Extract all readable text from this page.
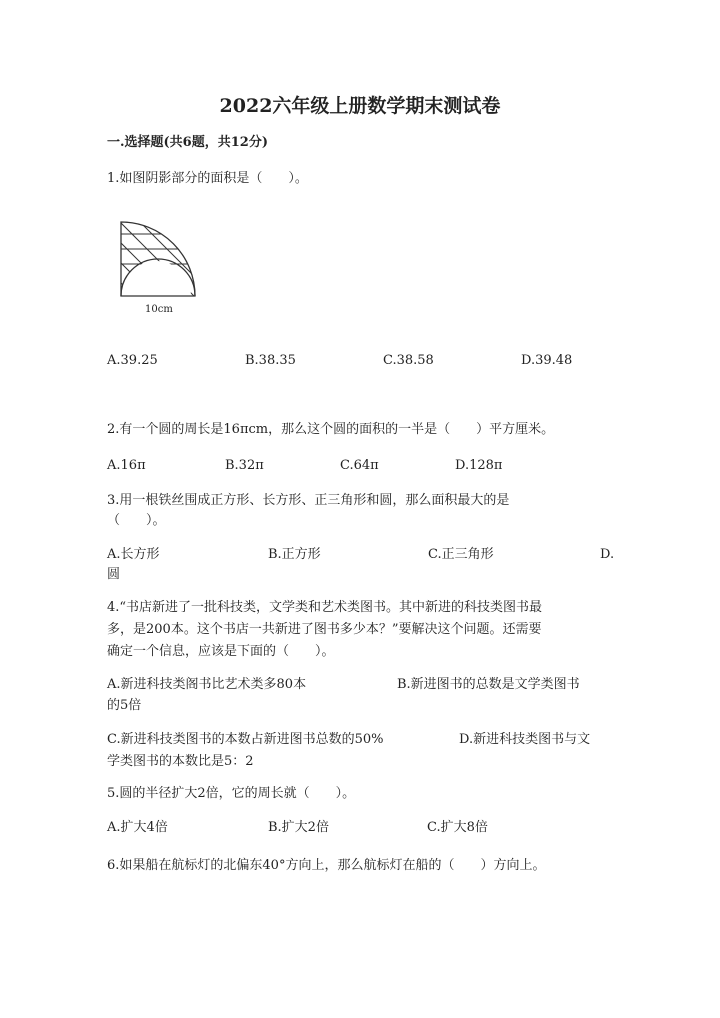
2022六年级上册数学期末测试卷
一.选择题(共6题，共12分)
1.如图阴影部分的面积是（　　）。
10cm
A.39.25	B.38.35	C.38.58	D.39.48
2.有一个圆的周长是16πcm，那么这个圆的面积的一半是（　　）平方厘米。
A.16π	B.32π	C.64π	D.128π
3.用一根铁丝围成正方形、长方形、正三角形和圆，那么面积最大的是
（　　）。
A.长方形	B.正方形	C.正三角形	D.
圆
4.“书店新进了一批科技类，文学类和艺术类图书。其中新进的科技类图书最
多，是200本。这个书店一共新进了图书多少本？”要解决这个问题。还需要
确定一个信息，应该是下面的（　　）。
A.新进科技类阁书比艺术类多80本	B.新进图书的总数是文学类图书
的5倍
C.新进科技类图书的本数占新进图书总数的50%	D.新进科技类图书与文
学类图书的本数比是5：2
5.圆的半径扩大2倍，它的周长就（　　）。
A.扩大4倍	B.扩大2倍	C.扩大8倍
6.如果船在航标灯的北偏东40°方向上，那么航标灯在船的（　　）方向上。
